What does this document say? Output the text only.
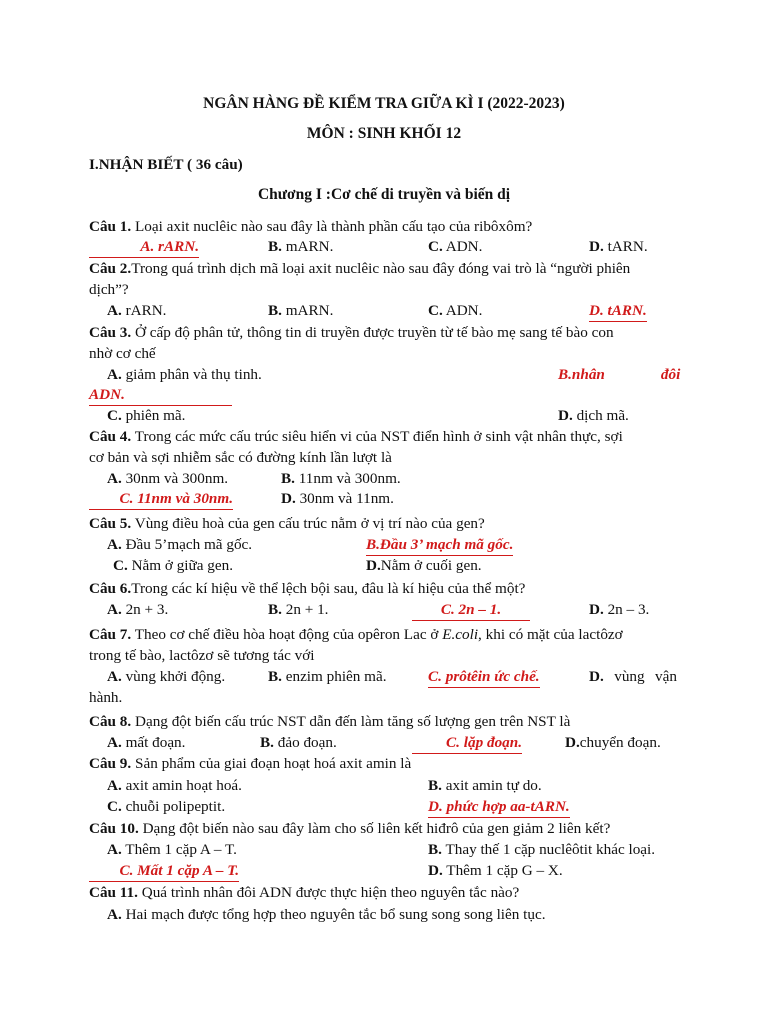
NGÂN HÀNG ĐỀ KIỂM TRA GIỮA KÌ I (2022-2023)
MÔN : SINH KHỐI 12
I.NHẬN BIẾT ( 36 câu)
Chương I :Cơ chế di truyền và biến dị
Câu 1. Loại axit nuclêic nào sau đây là thành phần cấu tạo của ribôxôm?
A. rARN.	B. mARN.	C. ADN.	D. tARN.
Câu 2.Trong quá trình dịch mã loại axit nuclêic nào sau đây đóng vai trò là “người phiên
dịch”?
A. rARN.	B. mARN.	C. ADN.	D. tARN.
Câu 3. Ở cấp độ phân tử, thông tin di truyền được truyền từ tế bào mẹ sang tế bào con
nhờ cơ chế
A. giảm phân và thụ tinh.	B.nhân	đôi
ADN.
C. phiên mã.	D. dịch mã.
Câu 4. Trong các mức cấu trúc siêu hiển vi của NST điển hình ở sinh vật nhân thực, sợi
cơ bản và sợi nhiễm sắc có đường kính lần lượt là
A. 30nm và 300nm.	B. 11nm và 300nm.
C. 11nm và 30nm.	D. 30nm và 11nm.
Câu 5. Vùng điều hoà của gen cấu trúc nằm ở vị trí nào của gen?
A. Đầu 5’mạch mã gốc.	B.Đầu 3’ mạch mã gốc.
C. Nằm ở giữa gen.	D.Nằm ở cuối gen.
Câu 6.Trong các kí hiệu về thể lệch bội sau, đâu là kí hiệu của thể một?
A. 2n + 3.	B. 2n + 1.	C. 2n – 1.	D. 2n – 3.
Câu 7. Theo cơ chế điều hòa hoạt động của opêron Lac ở E.coli, khi có mặt của lactôzơ
trong tế bào, lactôzơ sẽ tương tác với
A. vùng khởi động.	B. enzim phiên mã.	C. prôtêin ức chế.	D. vùng vận
hành.
Câu 8. Dạng đột biến cấu trúc NST dẫn đến làm tăng số lượng gen trên NST là
A. mất đoạn.	B. đảo đoạn.	C. lặp đoạn.	D.chuyển đoạn.
Câu 9. Sản phẩm của giai đoạn hoạt hoá axit amin là
A. axit amin hoạt hoá.	B. axit amin tự do.
C. chuỗi polipeptit.	D. phức hợp aa-tARN.
Câu 10. Dạng đột biến nào sau đây làm cho số liên kết hiđrô của gen giảm 2 liên kết?
A. Thêm 1 cặp A – T.	B. Thay thế 1 cặp nuclêôtit khác loại.
C. Mất 1 cặp A – T.	D. Thêm 1 cặp G – X.
Câu 11. Quá trình nhân đôi ADN được thực hiện theo nguyên tắc nào?
A. Hai mạch được tổng hợp theo nguyên tắc bổ sung song song liên tục.
